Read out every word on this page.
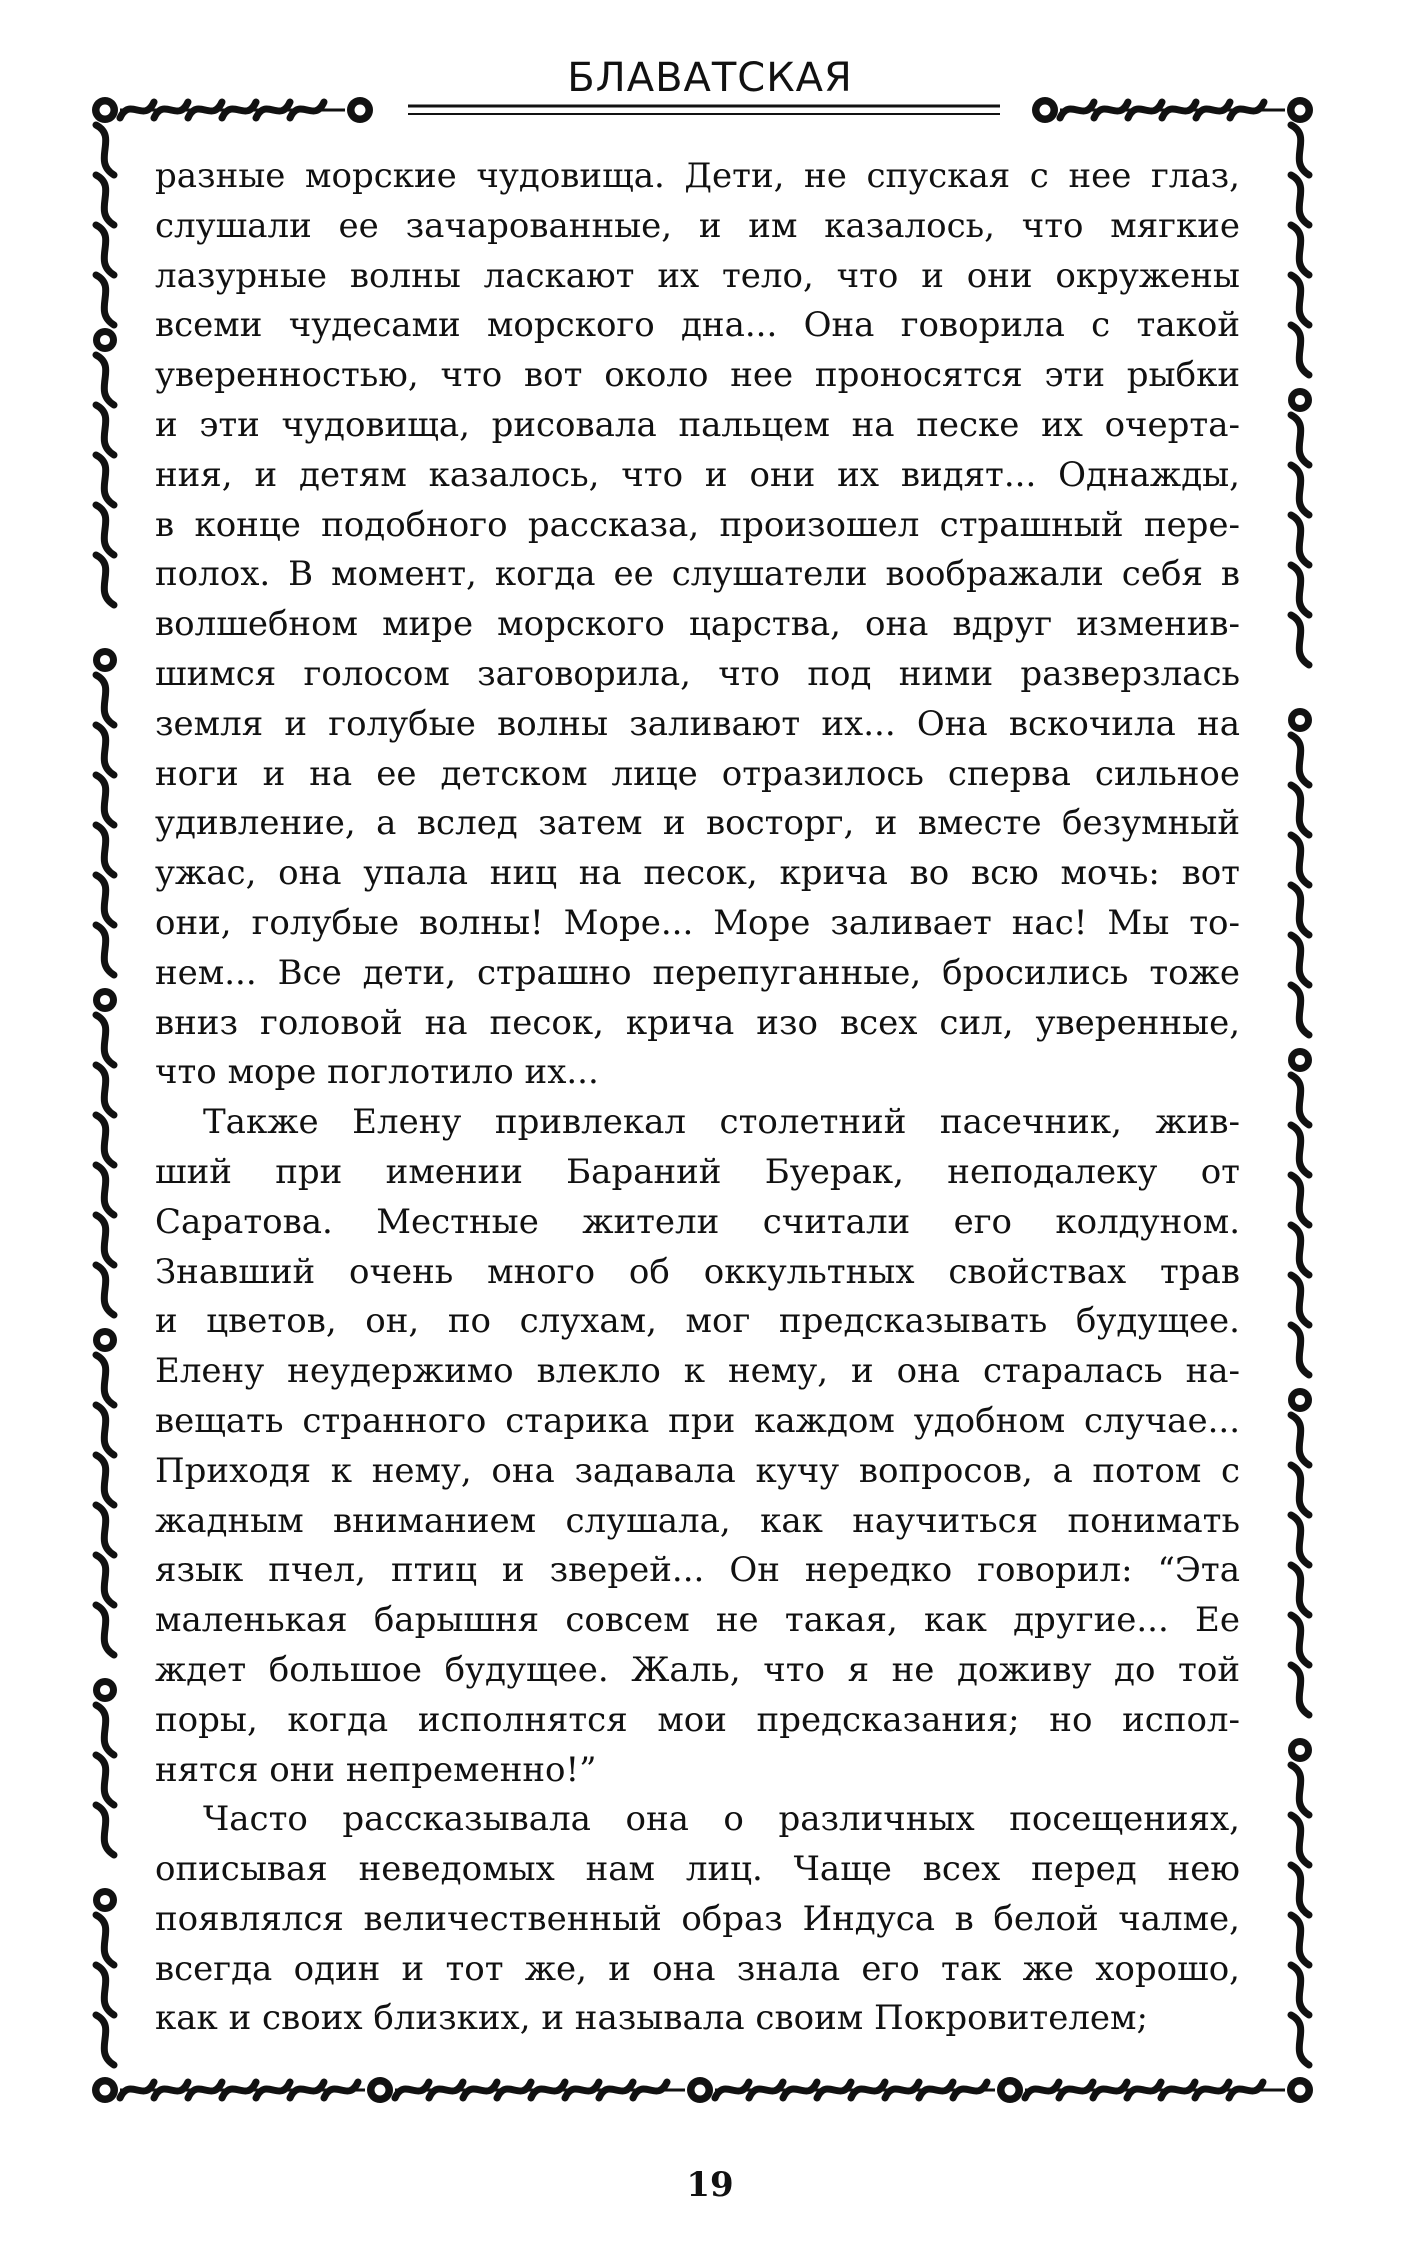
БЛАВАТСКАЯ
разные морские чудовища. Дети, не спуская с нее глаз,
слушали ее зачарованные, и им казалось, что мягкие
лазурные волны ласкают их тело, что и они окружены
всеми чудесами морского дна... Она говорила с такой
уверенностью, что вот около нее проносятся эти рыбки
и эти чудовища, рисовала пальцем на песке их очерта-
ния, и детям казалось, что и они их видят... Однажды,
в конце подобного рассказа, произошел страшный пере-
полох. В момент, когда ее слушатели воображали себя в
волшебном мире морского царства, она вдруг изменив-
шимся голосом заговорила, что под ними разверзлась
земля и голубые волны заливают их... Она вскочила на
ноги и на ее детском лице отразилось сперва сильное
удивление, а вслед затем и восторг, и вместе безумный
ужас, она упала ниц на песок, крича во всю мочь: вот
они, голубые волны! Море... Море заливает нас! Мы то-
нем... Все дети, страшно перепуганные, бросились тоже
вниз головой на песок, крича изо всех сил, уверенные,
что море поглотило их...
Также Елену привлекал столетний пасечник, жив-
ший при имении Бараний Буерак, неподалеку от
Саратова. Местные жители считали его колдуном.
Знавший очень много об оккультных свойствах трав
и цветов, он, по слухам, мог предсказывать будущее.
Елену неудержимо влекло к нему, и она старалась на-
вещать странного старика при каждом удобном случае...
Приходя к нему, она задавала кучу вопросов, а потом с
жадным вниманием слушала, как научиться понимать
язык пчел, птиц и зверей... Он нередко говорил: “Эта
маленькая барышня совсем не такая, как другие... Ее
ждет большое будущее. Жаль, что я не доживу до той
поры, когда исполнятся мои предсказания; но испол-
нятся они непременно!”
Часто рассказывала она о различных посещениях,
описывая неведомых нам лиц. Чаще всех перед нею
появлялся величественный образ Индуса в белой чалме,
всегда один и тот же, и она знала его так же хорошо,
как и своих близких, и называла своим Покровителем;
19
